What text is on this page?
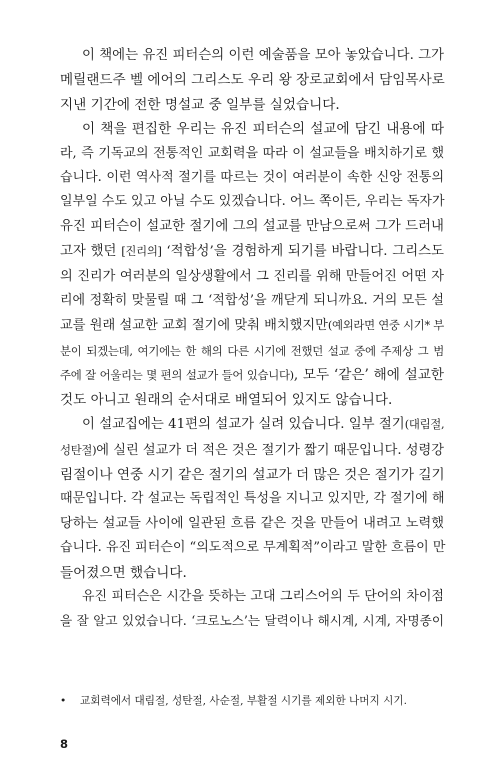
이 책에는 유진 피터슨의 이런 예술품을 모아 놓았습니다. 그가
메릴랜드주 벨 에어의 그리스도 우리 왕 장로교회에서 담임목사로
지낸 기간에 전한 명설교 중 일부를 실었습니다.

이 책을 편집한 우리는 유진 피터슨의 설교에 담긴 내용에 따
라, 즉 기독교의 전통적인 교회력을 따라 이 설교들을 배치하기로 했
습니다. 이런 역사적 절기를 따르는 것이 여러분이 속한 신앙 전통의
일부일 수도 있고 아닐 수도 있겠습니다. 어느 쪽이든, 우리는 독자가
유진 피터슨이 설교한 절기에 그의 설교를 만남으로써 그가 드러내
고자 했던 [진리의] ‘적합성’을 경험하게 되기를 바랍니다. 그리스도
의 진리가 여러분의 일상생활에서 그 진리를 위해 만들어진 어떤 자
리에 정확히 맞물릴 때 그 ‘적합성’을 깨닫게 되니까요. 거의 모든 설
교를 원래 설교한 교회 절기에 맞춰 배치했지만(예외라면 연중 시기* 부
분이 되겠는데, 여기에는 한 해의 다른 시기에 전했던 설교 중에 주제상 그 범
주에 잘 어울리는 몇 편의 설교가 들어 있습니다), 모두 ‘같은’ 해에 설교한
것도 아니고 원래의 순서대로 배열되어 있지도 않습니다.

이 설교집에는 41편의 설교가 실려 있습니다. 일부 절기(대림절,
성탄절)에 실린 설교가 더 적은 것은 절기가 짧기 때문입니다. 성령강
림절이나 연중 시기 같은 절기의 설교가 더 많은 것은 절기가 길기
때문입니다. 각 설교는 독립적인 특성을 지니고 있지만, 각 절기에 해
당하는 설교들 사이에 일관된 흐름 같은 것을 만들어 내려고 노력했
습니다. 유진 피터슨이 “의도적으로 무계획적”이라고 말한 흐름이 만
들어졌으면 했습니다.

유진 피터슨은 시간을 뜻하는 고대 그리스어의 두 단어의 차이점
을 잘 알고 있었습니다. ‘크로노스’는 달력이나 해시계, 시계, 자명종이

• 교회력에서 대림절, 성탄절, 사순절, 부활절 시기를 제외한 나머지 시기.
8
